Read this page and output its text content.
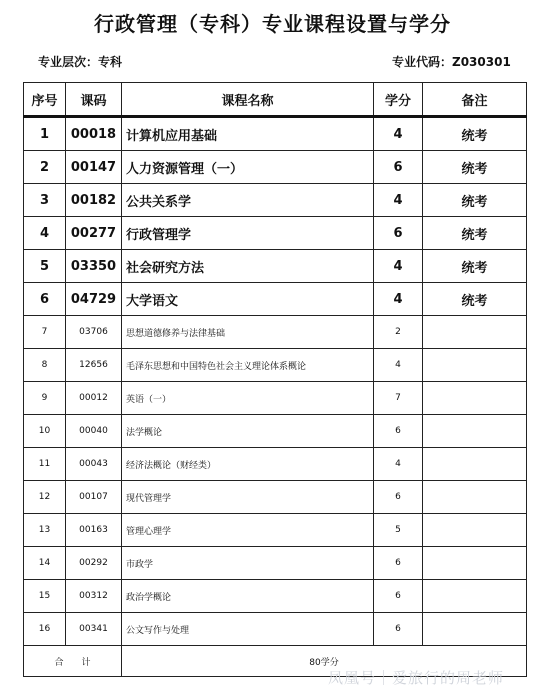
行政管理（专科）专业课程设置与学分
专业层次：专科	专业代码：Z030301
序号	课码	课程名称	学分	备注
1	00018	计算机应用基础	4	统考
2	00147	人力资源管理（一）	6	统考
3	00182	公共关系学	4	统考
4	00277	行政管理学	6	统考
5	03350	社会研究方法	4	统考
6	04729	大学语文	4	统考
7	03706	思想道德修养与法律基础	2	
8	12656	毛泽东思想和中国特色社会主义理论体系概论	4	
9	00012	英语（一）	7	
10	00040	法学概论	6	
11	00043	经济法概论（财经类）	4	
12	00107	现代管理学	6	
13	00163	管理心理学	5	
14	00292	市政学	6	
15	00312	政治学概论	6	
16	00341	公文写作与处理	6	
合　　计		80学分		
凤凰号｜爱旅行的周老师
